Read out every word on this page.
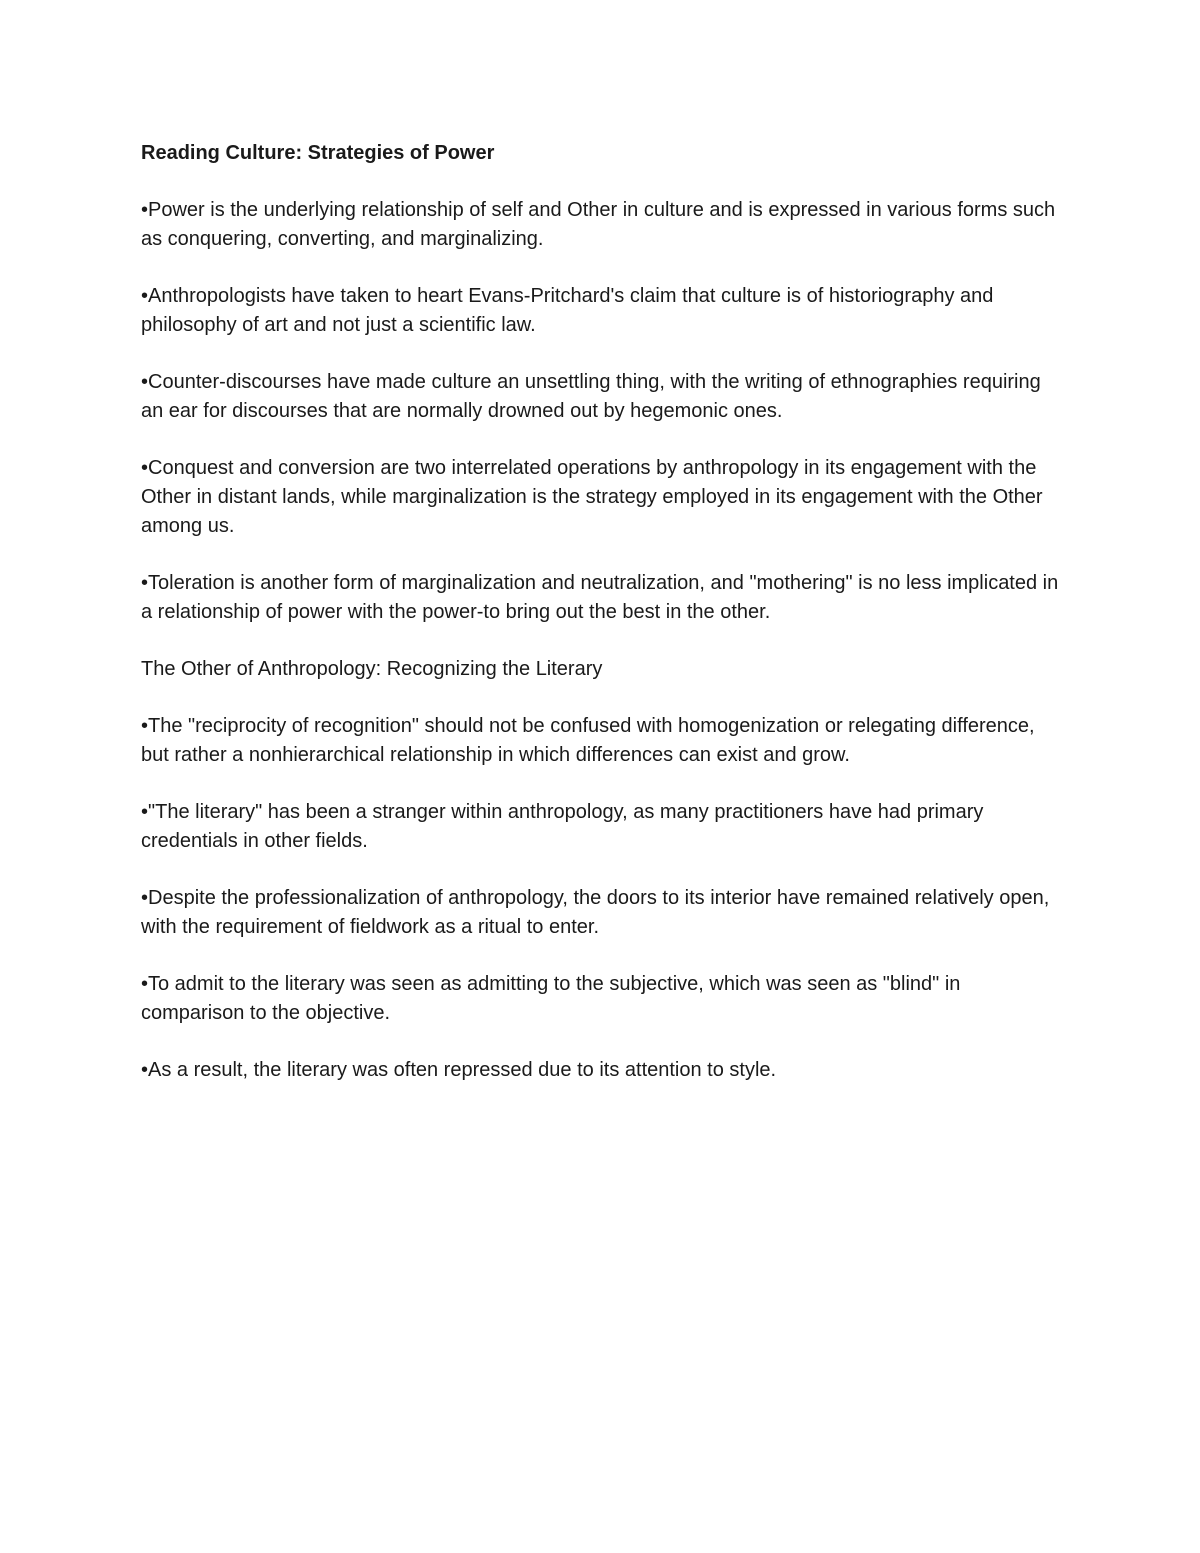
Reading Culture: Strategies of Power

•Power is the underlying relationship of self and Other in culture and is expressed in various forms such as conquering, converting, and marginalizing.

•Anthropologists have taken to heart Evans-Pritchard's claim that culture is of historiography and philosophy of art and not just a scientific law.

•Counter-discourses have made culture an unsettling thing, with the writing of ethnographies requiring an ear for discourses that are normally drowned out by hegemonic ones.

•Conquest and conversion are two interrelated operations by anthropology in its engagement with the Other in distant lands, while marginalization is the strategy employed in its engagement with the Other among us.

•Toleration is another form of marginalization and neutralization, and "mothering" is no less implicated in a relationship of power with the power-to bring out the best in the other.

The Other of Anthropology: Recognizing the Literary

•The "reciprocity of recognition" should not be confused with homogenization or relegating difference, but rather a nonhierarchical relationship in which differences can exist and grow.

•"The literary" has been a stranger within anthropology, as many practitioners have had primary credentials in other fields.

•Despite the professionalization of anthropology, the doors to its interior have remained relatively open, with the requirement of fieldwork as a ritual to enter.

•To admit to the literary was seen as admitting to the subjective, which was seen as "blind" in comparison to the objective.

•As a result, the literary was often repressed due to its attention to style.
